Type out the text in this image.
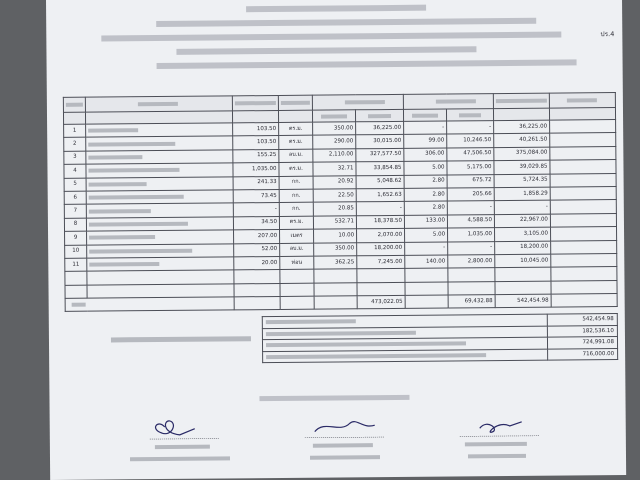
ปร.4

1		103.50	ตร.ม.	350.00	36,225.00	-	-	36,225.00	
2		103.50	ตร.ม.	290.00	30,015.00	99.00	10,246.50	40,261.50	
3		155.25	ลบ.ม.	2,110.00	327,577.50	306.00	47,506.50	375,084.00	
4		1,035.00	ตร.ม.	32.71	33,854.85	5.00	5,175.00	39,029.85	
5		241.33	กก.	20.92	5,048.62	2.80	675.72	5,724.35	
6		73.45	กก.	22.50	1,652.63	2.80	205.66	1,858.29	
7		-	กก.	20.85	-	2.80	-	-	
8		34.50	ตร.ม.	532.71	18,378.50	133.00	4,588.50	22,967.00	
9		207.00	เมตร	10.00	2,070.00	5.00	1,035.00	3,105.00	
10		52.00	ลบ.ม.	350.00	18,200.00	-	-	18,200.00	
11		20.00	ท่อน	362.25	7,245.00	140.00	2,800.00	10,045.00	

					473,022.05		69,432.88	542,454.98	
	542,454.98

	182,536.10

	724,991.08

	716,000.00
